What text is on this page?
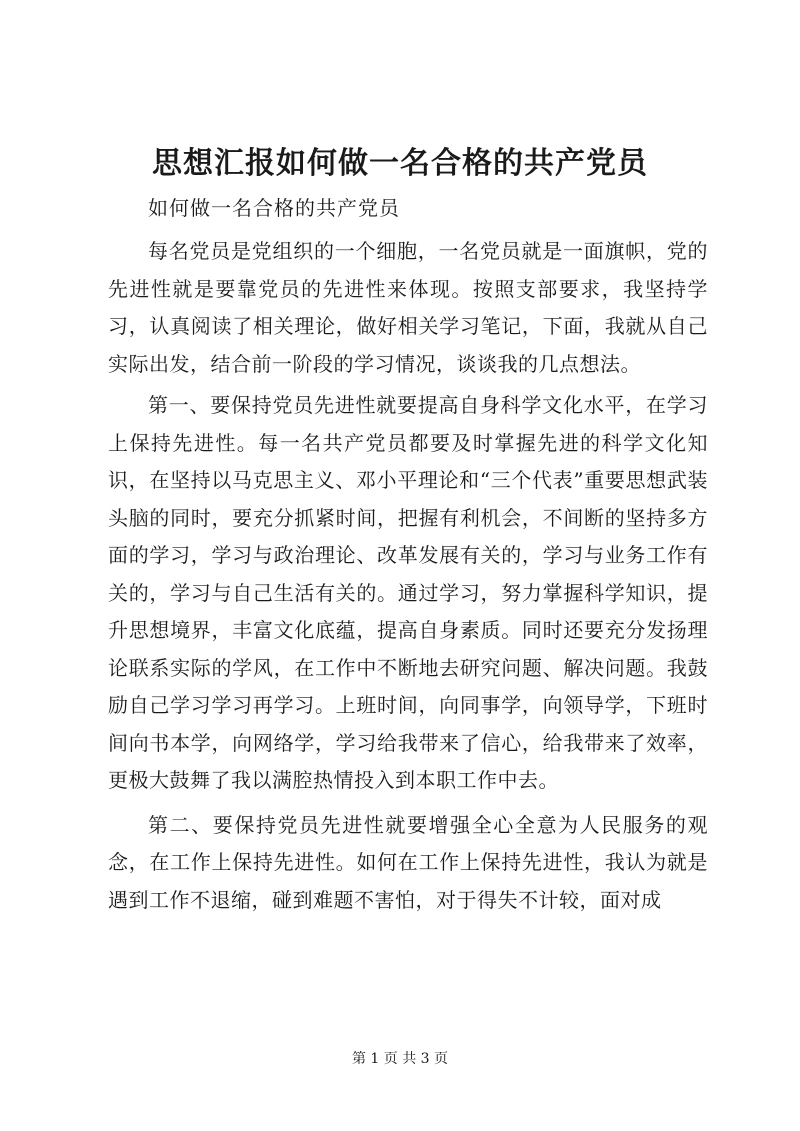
思想汇报如何做一名合格的共产党员
如何做一名合格的共产党员

每名党员是党组织的一个细胞，一名党员就是一面旗帜，党的先进性就是要靠党员的先进性来体现。按照支部要求，我坚持学习，认真阅读了相关理论，做好相关学习笔记，下面，我就从自己实际出发，结合前一阶段的学习情况，谈谈我的几点想法。

第一、要保持党员先进性就要提高自身科学文化水平，在学习上保持先进性。每一名共产党员都要及时掌握先进的科学文化知识，在坚持以马克思主义、邓小平理论和“三个代表”重要思想武装头脑的同时，要充分抓紧时间，把握有利机会，不间断的坚持多方面的学习，学习与政治理论、改革发展有关的，学习与业务工作有关的，学习与自己生活有关的。通过学习，努力掌握科学知识，提升思想境界，丰富文化底蕴，提高自身素质。同时还要充分发扬理论联系实际的学风，在工作中不断地去研究问题、解决问题。我鼓励自己学习学习再学习。上班时间，向同事学，向领导学，下班时间向书本学，向网络学，学习给我带来了信心，给我带来了效率，更极大鼓舞了我以满腔热情投入到本职工作中去。

第二、要保持党员先进性就要增强全心全意为人民服务的观念，在工作上保持先进性。如何在工作上保持先进性，我认为就是遇到工作不退缩，碰到难题不害怕，对于得失不计较，面对成

第 1 页 共 3 页
